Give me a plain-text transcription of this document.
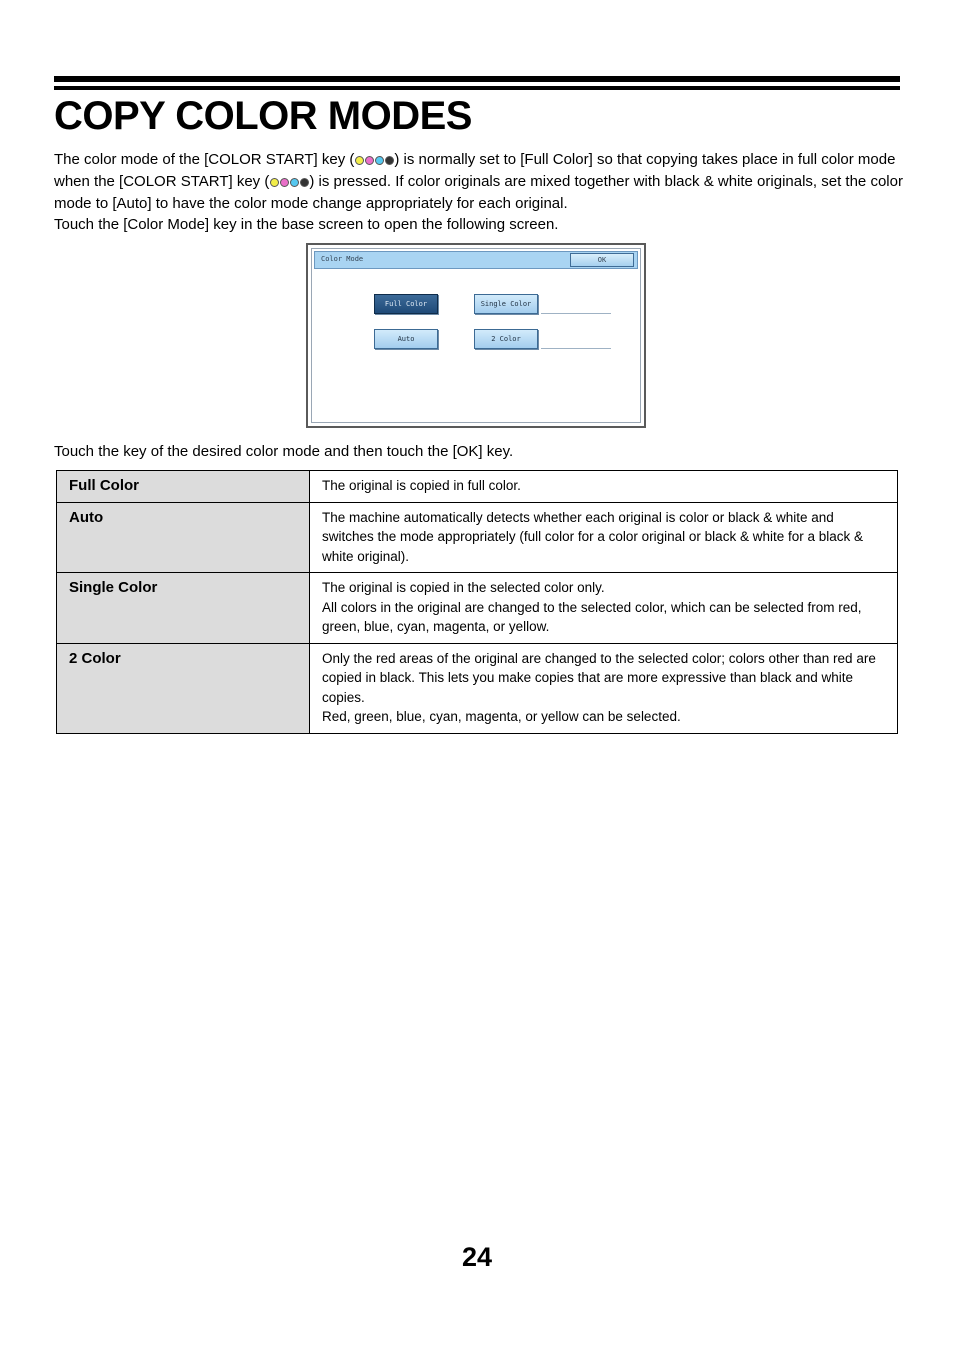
COPY COLOR MODES

The color mode of the [COLOR START] key (	) is normally set to [Full Color] so that copying takes place in full color mode when the [COLOR START] key (	) is pressed. If color originals are mixed together with black & white originals, set the color mode to [Auto] to have the color mode change appropriately for each original.

Touch the [Color Mode] key in the base screen to open the following screen.

Color Mode	OK
Full Color	Single Color
Auto	2 Color

Touch the key of the desired color mode and then touch the [OK] key.

Full Color	The original is copied in full color.

Auto	The machine automatically detects whether each original is color or black & white and switches the mode appropriately (full color for a color original or black & white for a black & white original).

Single Color	The original is copied in the selected color only.
All colors in the original are changed to the selected color, which can be selected from red, green, blue, cyan, magenta, or yellow.

2 Color	Only the red areas of the original are changed to the selected color; colors other than red are copied in black. This lets you make copies that are more expressive than black and white copies.
Red, green, blue, cyan, magenta, or yellow can be selected.

24
